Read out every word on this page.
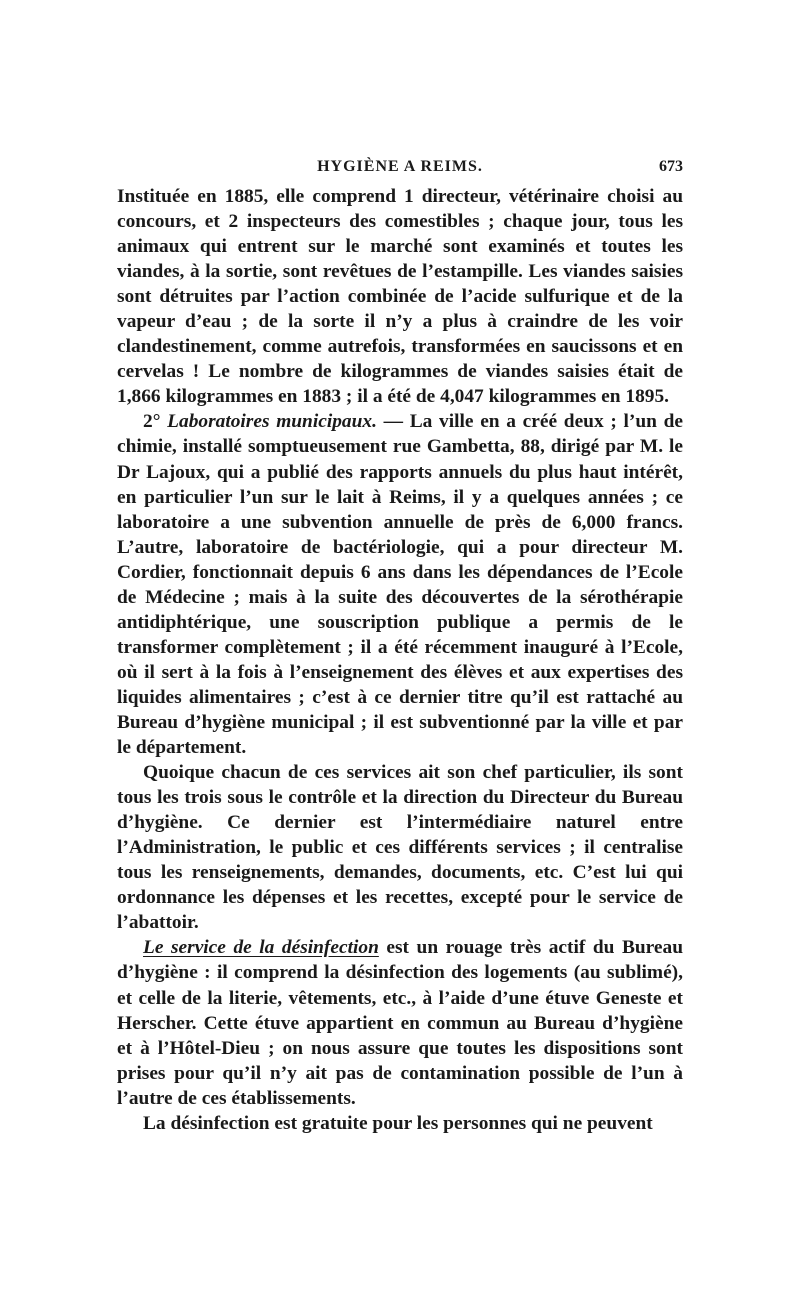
HYGIÈNE A REIMS.	673

Instituée en 1885, elle comprend 1 directeur, vétérinaire choisi au concours, et 2 inspecteurs des comestibles ; chaque jour, tous les animaux qui entrent sur le marché sont examinés et toutes les viandes, à la sortie, sont revêtues de l’estampille. Les viandes saisies sont détruites par l’action combinée de l’acide sulfurique et de la vapeur d’eau ; de la sorte il n’y a plus à craindre de les voir clandestinement, comme autrefois, transformées en saucissons et en cervelas ! Le nombre de kilogrammes de viandes saisies était de 1,866 kilogrammes en 1883 ; il a été de 4,047 kilogrammes en 1895.

2° Laboratoires municipaux. — La ville en a créé deux ; l’un de chimie, installé somptueusement rue Gambetta, 88, dirigé par M. le Dr Lajoux, qui a publié des rapports annuels du plus haut intérêt, en particulier l’un sur le lait à Reims, il y a quelques années ; ce laboratoire a une subvention annuelle de près de 6,000 francs. L’autre, laboratoire de bactériologie, qui a pour directeur M. Cordier, fonctionnait depuis 6 ans dans les dépendances de l’Ecole de Médecine ; mais à la suite des découvertes de la sérothérapie antidiphtérique, une souscription publique a permis de le transformer complètement ; il a été récemment inauguré à l’Ecole, où il sert à la fois à l’enseignement des élèves et aux expertises des liquides alimentaires ; c’est à ce dernier titre qu’il est rattaché au Bureau d’hygiène municipal ; il est subventionné par la ville et par le département.

Quoique chacun de ces services ait son chef particulier, ils sont tous les trois sous le contrôle et la direction du Directeur du Bureau d’hygiène. Ce dernier est l’intermédiaire naturel entre l’Administration, le public et ces différents services ; il centralise tous les renseignements, demandes, documents, etc. C’est lui qui ordonnance les dépenses et les recettes, excepté pour le service de l’abattoir.

Le service de la désinfection est un rouage très actif du Bureau d’hygiène : il comprend la désinfection des logements (au sublimé), et celle de la literie, vêtements, etc., à l’aide d’une étuve Geneste et Herscher. Cette étuve appartient en commun au Bureau d’hygiène et à l’Hôtel-Dieu ; on nous assure que toutes les dispositions sont prises pour qu’il n’y ait pas de contamination possible de l’un à l’autre de ces établissements.

La désinfection est gratuite pour les personnes qui ne peuvent
